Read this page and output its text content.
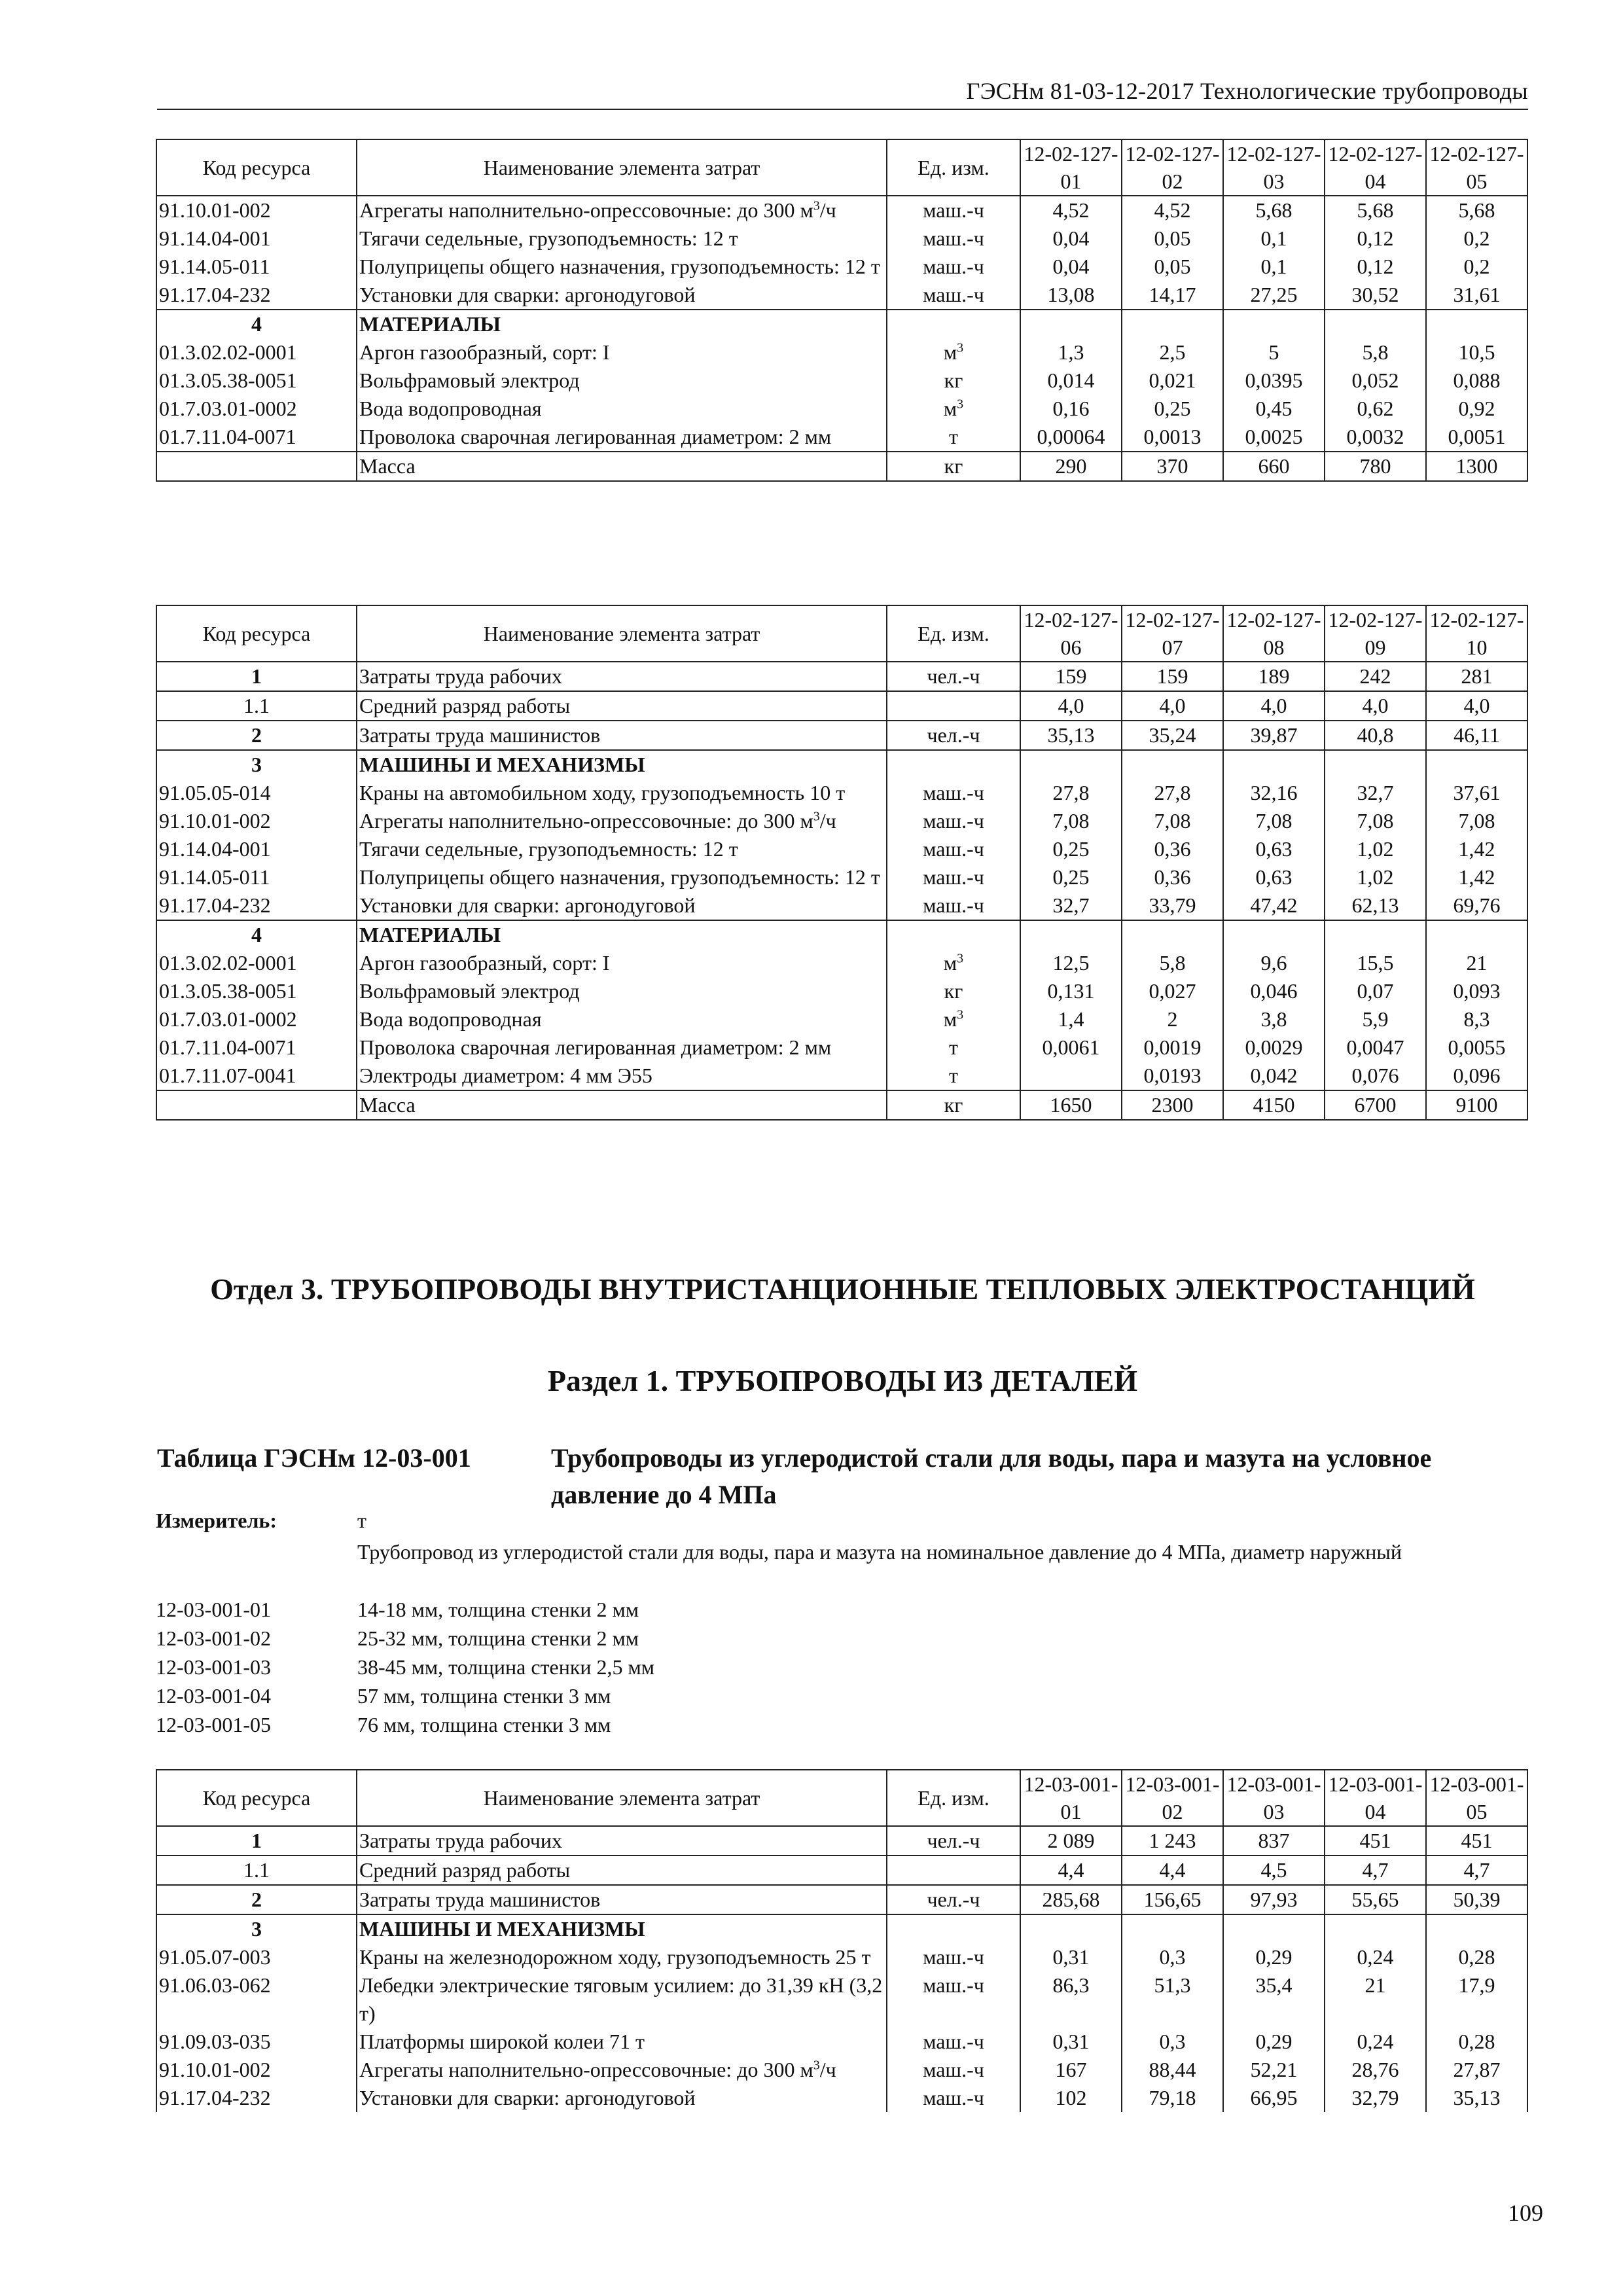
ГЭСНм 81-03-12-2017 Технологические трубопроводы
Код ресурса	Наименование элемента затрат	Ед. изм.	12-02-127-01	12-02-127-02	12-02-127-03	12-02-127-04	12-02-127-05
91.10.01-002	Агрегаты наполнительно-опрессовочные: до 300 $м^3/ч$	маш.-ч	4,52	4,52	5,68	5,68	5,68
91.14.04-001	Тягачи седельные, грузоподъемность: 12 т	маш.-ч	0,04	0,05	0,1	0,12	0,2
91.14.05-011	Полуприцепы общего назначения, грузоподъемность: 12 т	маш.-ч	0,04	0,05	0,1	0,12	0,2
91.17.04-232	Установки для сварки: аргонодуговой	маш.-ч	13,08	14,17	27,25	30,52	31,61
4	МАТЕРИАЛЫ						
01.3.02.02-0001	Аргон газообразный, сорт: I	$м^3$	1,3	2,5	5	5,8	10,5
01.3.05.38-0051	Вольфрамовый электрод	кг	0,014	0,021	0,0395	0,052	0,088
01.7.03.01-0002	Вода водопроводная	$м^3$	0,16	0,25	0,45	0,62	0,92
01.7.11.04-0071	Проволока сварочная легированная диаметром: 2 мм	т	0,00064	0,0013	0,0025	0,0032	0,0051
	Масса	кг	290	370	660	780	1300
Код ресурса	Наименование элемента затрат	Ед. изм.	12-02-127-06	12-02-127-07	12-02-127-08	12-02-127-09	12-02-127-10
1	Затраты труда рабочих	чел.-ч	159	159	189	242	281
1.1	Средний разряд работы		4,0	4,0	4,0	4,0	4,0
2	Затраты труда машинистов	чел.-ч	35,13	35,24	39,87	40,8	46,11
3	МАШИНЫ И МЕХАНИЗМЫ						
91.05.05-014	Краны на автомобильном ходу, грузоподъемность 10 т	маш.-ч	27,8	27,8	32,16	32,7	37,61
91.10.01-002	Агрегаты наполнительно-опрессовочные: до 300 $м^3/ч$	маш.-ч	7,08	7,08	7,08	7,08	7,08
91.14.04-001	Тягачи седельные, грузоподъемность: 12 т	маш.-ч	0,25	0,36	0,63	1,02	1,42
91.14.05-011	Полуприцепы общего назначения, грузоподъемность: 12 т	маш.-ч	0,25	0,36	0,63	1,02	1,42
91.17.04-232	Установки для сварки: аргонодуговой	маш.-ч	32,7	33,79	47,42	62,13	69,76
4	МАТЕРИАЛЫ						
01.3.02.02-0001	Аргон газообразный, сорт: I	$м^3$	12,5	5,8	9,6	15,5	21
01.3.05.38-0051	Вольфрамовый электрод	кг	0,131	0,027	0,046	0,07	0,093
01.7.03.01-0002	Вода водопроводная	$м^3$	1,4	2	3,8	5,9	8,3
01.7.11.04-0071	Проволока сварочная легированная диаметром: 2 мм	т	0,0061	0,0019	0,0029	0,0047	0,0055
01.7.11.07-0041	Электроды диаметром: 4 мм Э55	т		0,0193	0,042	0,076	0,096
	Масса	кг	1650	2300	4150	6700	9100
Отдел 3. ТРУБОПРОВОДЫ ВНУТРИСТАНЦИОННЫЕ ТЕПЛОВЫХ ЭЛЕКТРОСТАНЦИЙ
Раздел 1. ТРУБОПРОВОДЫ ИЗ ДЕТАЛЕЙ
Таблица ГЭСНм 12-03-001	Трубопроводы из углеродистой стали для воды, пара и мазута на условное давление до 4 МПа
Измеритель:	т
Трубопровод из углеродистой стали для воды, пара и мазута на номинальное давление до 4 МПа, диаметр наружный
12-03-001-01	14-18 мм, толщина стенки 2 мм
12-03-001-02	25-32 мм, толщина стенки 2 мм
12-03-001-03	38-45 мм, толщина стенки 2,5 мм
12-03-001-04	57 мм, толщина стенки 3 мм
12-03-001-05	76 мм, толщина стенки 3 мм
Код ресурса	Наименование элемента затрат	Ед. изм.	12-03-001-01	12-03-001-02	12-03-001-03	12-03-001-04	12-03-001-05
1	Затраты труда рабочих	чел.-ч	2 089	1 243	837	451	451
1.1	Средний разряд работы		4,4	4,4	4,5	4,7	4,7
2	Затраты труда машинистов	чел.-ч	285,68	156,65	97,93	55,65	50,39
3	МАШИНЫ И МЕХАНИЗМЫ						
91.05.07-003	Краны на железнодорожном ходу, грузоподъемность 25 т	маш.-ч	0,31	0,3	0,29	0,24	0,28
91.06.03-062	Лебедки электрические тяговым усилием: до 31,39 кН (3,2 т)	маш.-ч	86,3	51,3	35,4	21	17,9
91.09.03-035	Платформы широкой колеи 71 т	маш.-ч	0,31	0,3	0,29	0,24	0,28
91.10.01-002	Агрегаты наполнительно-опрессовочные: до 300 $м^3/ч$	маш.-ч	167	88,44	52,21	28,76	27,87
91.17.04-232	Установки для сварки: аргонодуговой	маш.-ч	102	79,18	66,95	32,79	35,13
109
